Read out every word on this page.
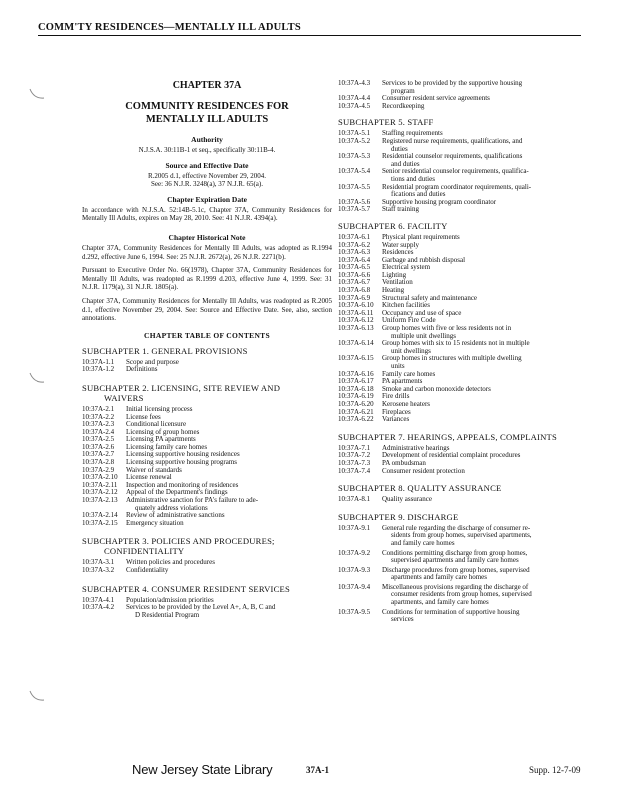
COMM'TY RESIDENCES—MENTALLY ILL ADULTS
CHAPTER 37A
COMMUNITY RESIDENCES FOR
MENTALLY ILL ADULTS
Authority

N.J.S.A. 30:11B-1 et seq., specifically 30:11B-4.

Source and Effective Date

R.2005 d.1, effective November 29, 2004.

See: 36 N.J.R. 3248(a), 37 N.J.R. 65(a).

Chapter Expiration Date

In accordance with N.J.S.A. 52:14B-5.1c, Chapter 37A, Community Residences for Mentally Ill Adults, expires on May 28, 2010. See: 41 N.J.R. 4394(a).

Chapter Historical Note

Chapter 37A, Community Residences for Mentally Ill Adults, was adopted as R.1994 d.292, effective June 6, 1994. See: 25 N.J.R. 2672(a), 26 N.J.R. 2271(b).

Pursuant to Executive Order No. 66(1978), Chapter 37A, Community Residences for Mentally Ill Adults, was readopted as R.1999 d.203, effective June 4, 1999. See: 31 N.J.R. 1179(a), 31 N.J.R. 1805(a).

Chapter 37A, Community Residences for Mentally Ill Adults, was readopted as R.2005 d.1, effective November 29, 2004. See: Source and Effective Date. See, also, section annotations.

CHAPTER TABLE OF CONTENTS
SUBCHAPTER 1. GENERAL PROVISIONS
10:37A-1.1	Scope and purpose
10:37A-1.2	Definitions
SUBCHAPTER 2. LICENSING, SITE REVIEW AND
WAIVERS
10:37A-2.1	Initial licensing process
10:37A-2.2	License fees
10:37A-2.3	Conditional licensure
10:37A-2.4	Licensing of group homes
10:37A-2.5	Licensing PA apartments
10:37A-2.6	Licensing family care homes
10:37A-2.7	Licensing supportive housing residences
10:37A-2.8	Licensing supportive housing programs
10:37A-2.9	Waiver of standards
10:37A-2.10	License renewal
10:37A-2.11	Inspection and monitoring of residences
10:37A-2.12	Appeal of the Department's findings
10:37A-2.13	Administrative sanction for PA's failure to ade-
quately address violations
10:37A-2.14	Review of administrative sanctions
10:37A-2.15	Emergency situation
SUBCHAPTER 3. POLICIES AND PROCEDURES;
CONFIDENTIALITY
10:37A-3.1	Written policies and procedures
10:37A-3.2	Confidentiality
SUBCHAPTER 4. CONSUMER RESIDENT SERVICES
10:37A-4.1	Population/admission priorities
10:37A-4.2	Services to be provided by the Level A+, A, B, C and
D Residential Program
10:37A-4.3	Services to be provided by the supportive housing
program
10:37A-4.4	Consumer resident service agreements
10:37A-4.5	Recordkeeping
SUBCHAPTER 5. STAFF
10:37A-5.1	Staffing requirements
10:37A-5.2	Registered nurse requirements, qualifications, and
duties
10:37A-5.3	Residential counselor requirements, qualifications
and duties
10:37A-5.4	Senior residential counselor requirements, qualifica-
tions and duties
10:37A-5.5	Residential program coordinator requirements, quali-
fications and duties
10:37A-5.6	Supportive housing program coordinator
10:37A-5.7	Staff training
SUBCHAPTER 6. FACILITY
10:37A-6.1	Physical plant requirements
10:37A-6.2	Water supply
10:37A-6.3	Residences
10:37A-6.4	Garbage and rubbish disposal
10:37A-6.5	Electrical system
10:37A-6.6	Lighting
10:37A-6.7	Ventilation
10:37A-6.8	Heating
10:37A-6.9	Structural safety and maintenance
10:37A-6.10	Kitchen facilities
10:37A-6.11	Occupancy and use of space
10:37A-6.12	Uniform Fire Code
10:37A-6.13	Group homes with five or less residents not in
multiple unit dwellings
10:37A-6.14	Group homes with six to 15 residents not in multiple
unit dwellings
10:37A-6.15	Group homes in structures with multiple dwelling
units
10:37A-6.16	Family care homes
10:37A-6.17	PA apartments
10:37A-6.18	Smoke and carbon monoxide detectors
10:37A-6.19	Fire drills
10:37A-6.20	Kerosene heaters
10:37A-6.21	Fireplaces
10:37A-6.22	Variances
SUBCHAPTER 7. HEARINGS, APPEALS, COMPLAINTS
10:37A-7.1	Administrative hearings
10:37A-7.2	Development of residential complaint procedures
10:37A-7.3	PA ombudsman
10:37A-7.4	Consumer resident protection
SUBCHAPTER 8. QUALITY ASSURANCE
10:37A-8.1	Quality assurance
SUBCHAPTER 9. DISCHARGE
10:37A-9.1	General rule regarding the discharge of consumer re-
sidents from group homes, supervised apartments,
and family care homes
10:37A-9.2	Conditions permitting discharge from group homes,
supervised apartments and family care homes
10:37A-9.3	Discharge procedures from group homes, supervised
apartments and family care homes
10:37A-9.4	Miscellaneous provisions regarding the discharge of
consumer residents from group homes, supervised
apartments, and family care homes
10:37A-9.5	Conditions for termination of supportive housing
services
New Jersey State Library	37A-1	Supp. 12-7-09
